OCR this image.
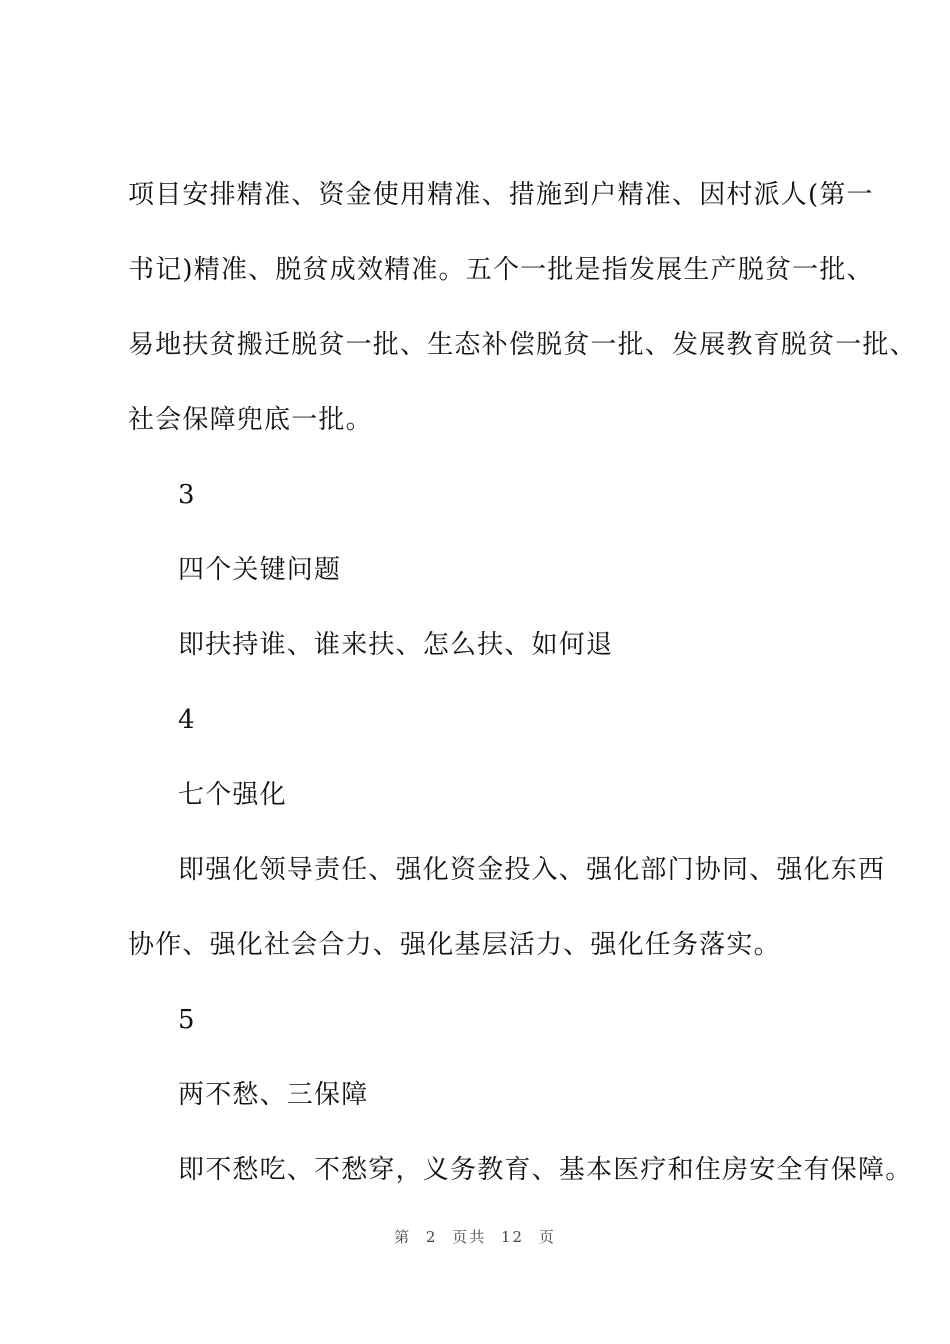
项目安排精准、资金使用精准、措施到户精准、因村派人(第一
书记)精准、脱贫成效精准。五个一批是指发展生产脱贫一批、
易地扶贫搬迁脱贫一批、生态补偿脱贫一批、发展教育脱贫一批、
社会保障兜底一批。
3
四个关键问题
即扶持谁、谁来扶、怎么扶、如何退
4
七个强化
即强化领导责任、强化资金投入、强化部门协同、强化东西
协作、强化社会合力、强化基层活力、强化任务落实。
5
两不愁、三保障
即不愁吃、不愁穿，义务教育、基本医疗和住房安全有保障。
第 2 页共 12 页
